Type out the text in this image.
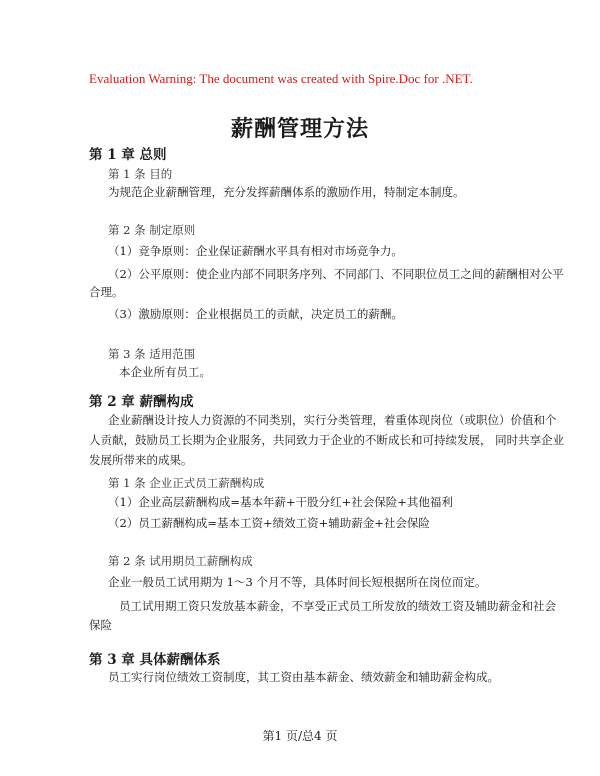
Evaluation Warning: The document was created with Spire.Doc for .NET.
薪酬管理方法
第 1 章 总则
第 1 条 目的
为规范企业薪酬管理，充分发挥薪酬体系的激励作用，特制定本制度。
第 2 条 制定原则
（1）竞争原则：企业保证薪酬水平具有相对市场竞争力。
（2）公平原则：使企业内部不同职务序列、不同部门、不同职位员工之间的薪酬相对公平
合理。
（3）激励原则：企业根据员工的贡献，决定员工的薪酬。
第 3 条 适用范围
本企业所有员工。
第 2 章 薪酬构成
企业薪酬设计按人力资源的不同类别，实行分类管理，着重体现岗位（或职位）价值和个
人贡献，鼓励员工长期为企业服务，共同致力于企业的不断成长和可持续发展， 同时共享企业
发展所带来的成果。
第 1 条 企业正式员工薪酬构成
（1）企业高层薪酬构成=基本年薪+干股分红+社会保险+其他福利
（2）员工薪酬构成=基本工资+绩效工资+辅助薪金+社会保险
第 2 条 试用期员工薪酬构成
企业一般员工试用期为 1～3 个月不等，具体时间长短根据所在岗位而定。
员工试用期工资只发放基本薪金，不享受正式员工所发放的绩效工资及辅助薪金和社会
保险
第 3 章 具体薪酬体系
员工实行岗位绩效工资制度，其工资由基本薪金、绩效薪金和辅助薪金构成。
第1 页/总4 页
